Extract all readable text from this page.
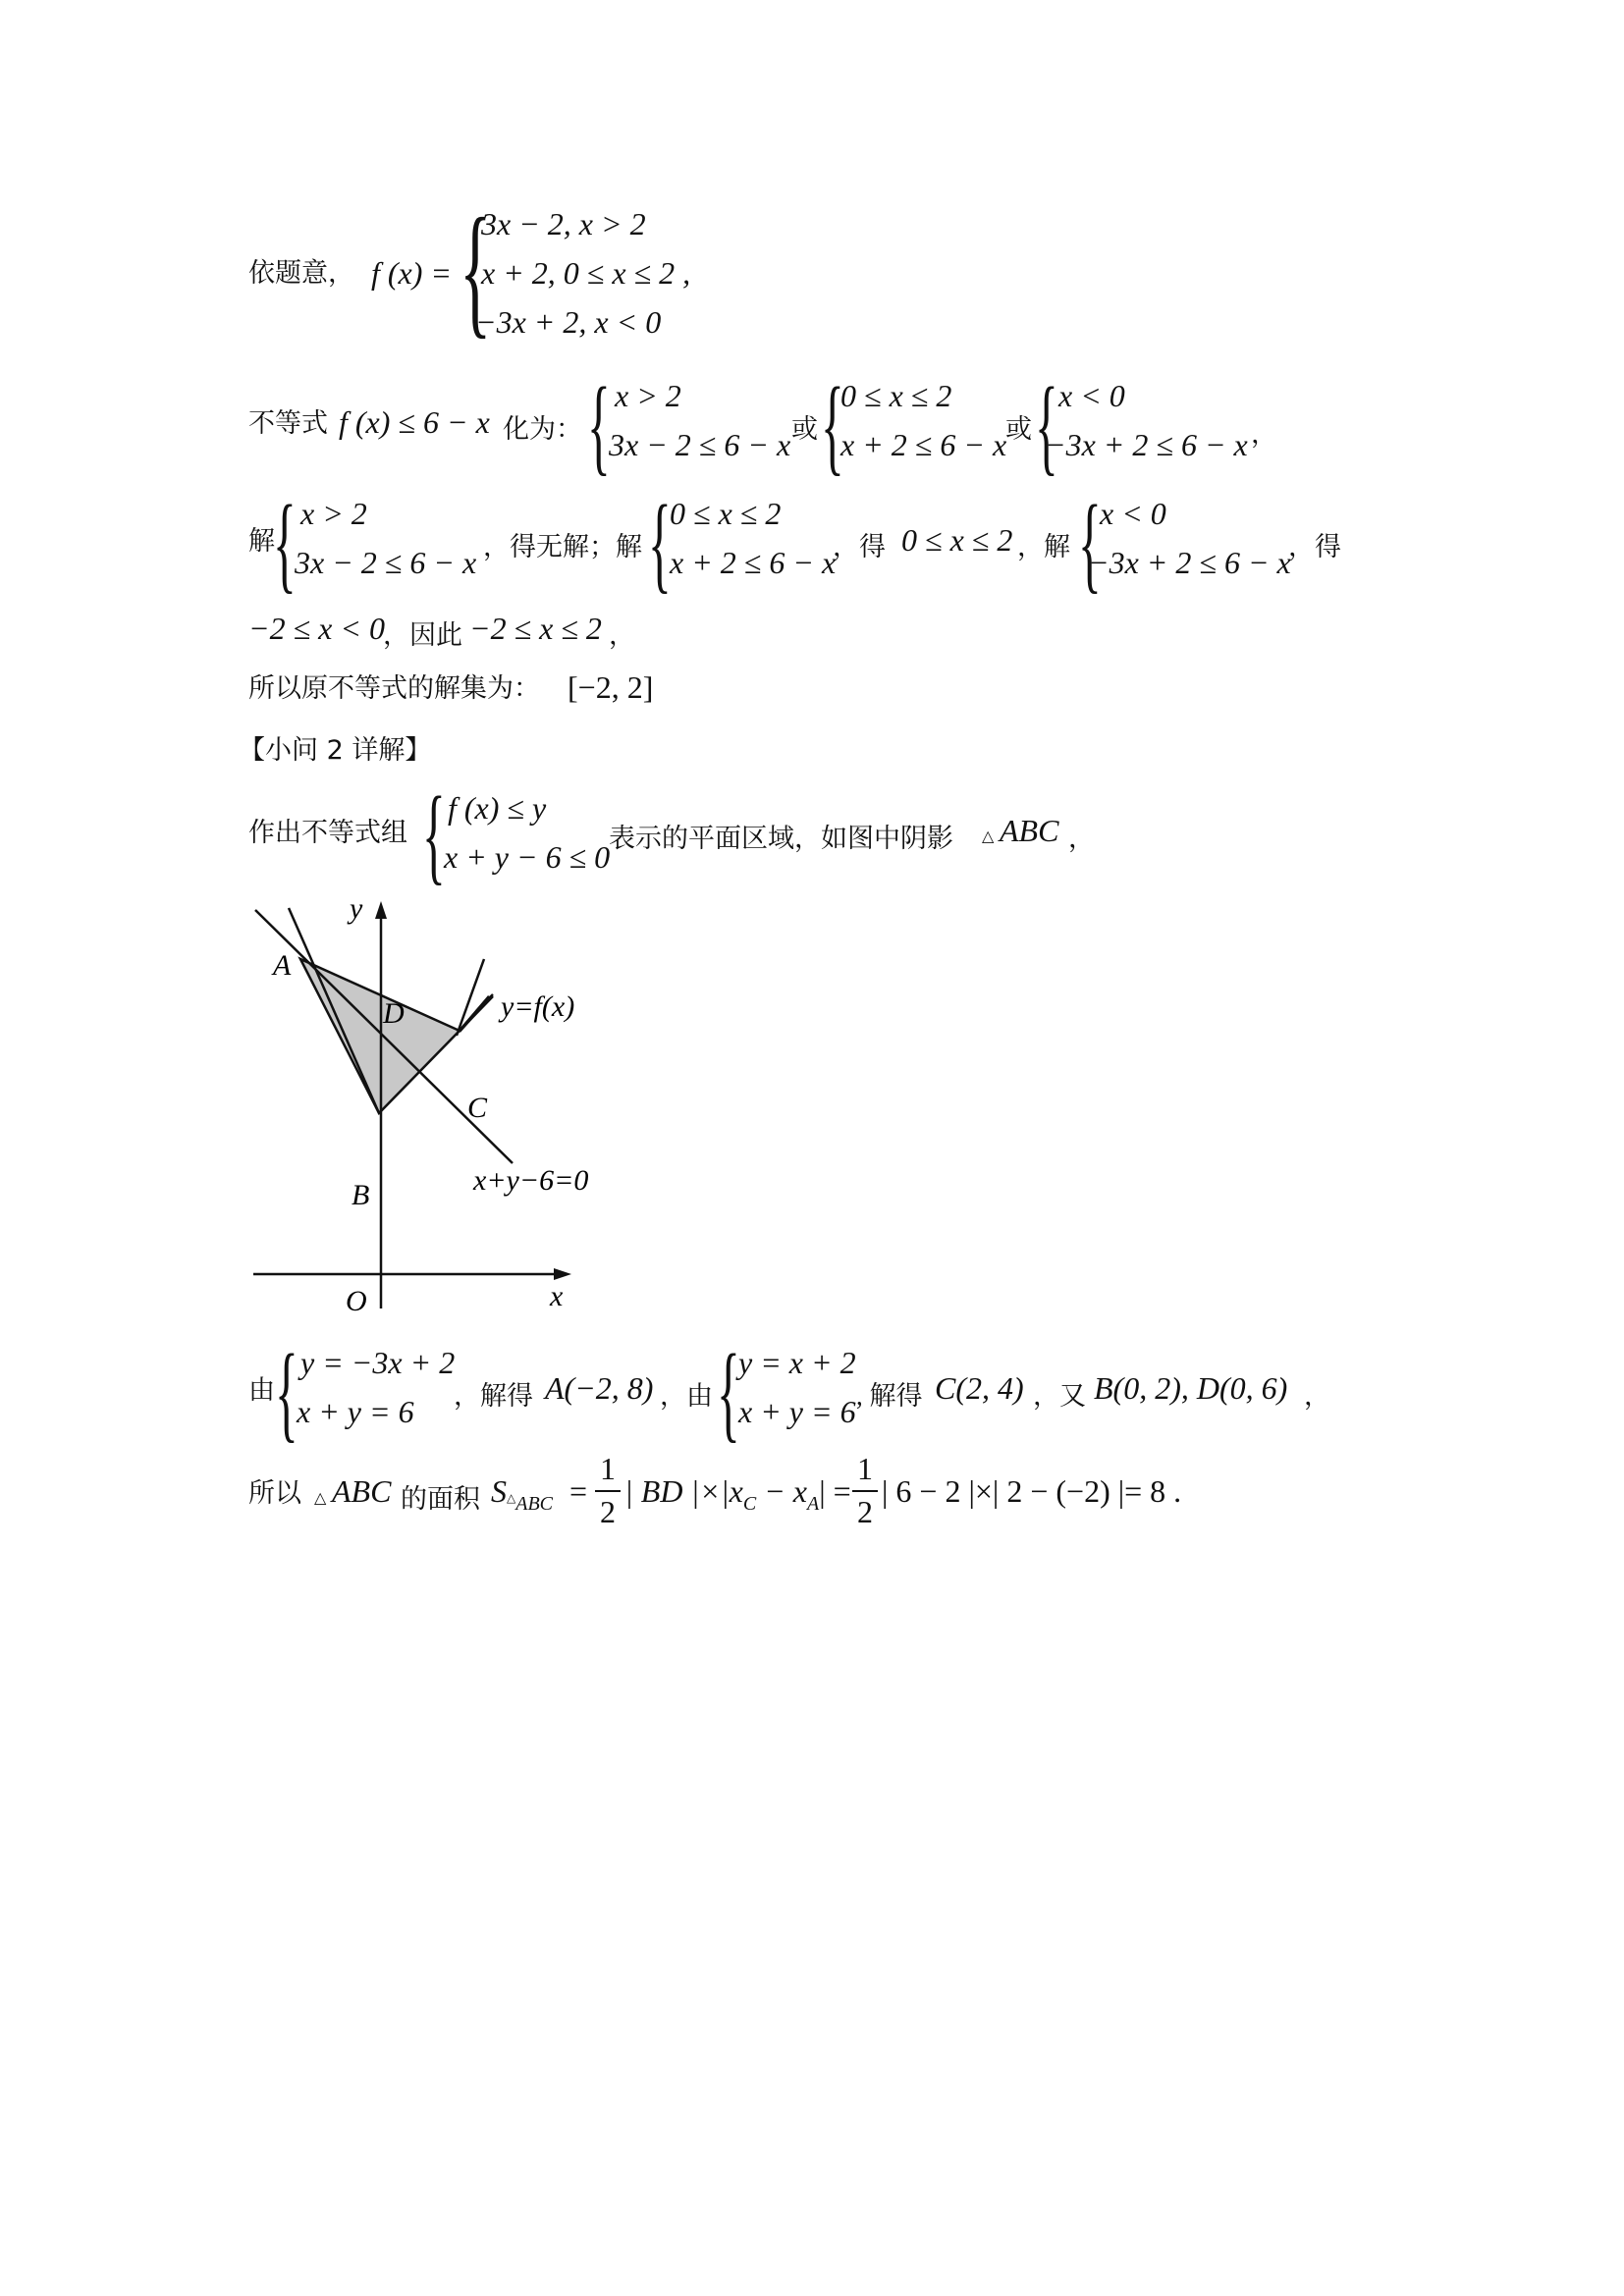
依题意， f (x) = {
3x − 2, x > 2
x + 2, 0 ≤ x ≤ 2 ,
−3x + 2, x < 0
不等式 f (x) ≤ 6 − x 化为： { x > 2
3x − 2 ≤ 6 − x 或 {
0 ≤ x ≤ 2
x + 2 ≤ 6 − x
或 { x < 0
−3x + 2 ≤ 6 − x ，
解
{ x > 2
3x − 2 ≤ 6 − x ，得无解；解 {
0 ≤ x ≤ 2
x + 2 ≤ 6 − x
，得 0 ≤ x ≤ 2 ，解 {
x < 0
−3x + 2 ≤ 6 − x
，得
−2 ≤ x < 0
，因此 −2 ≤ x ≤ 2 ，
所以原不等式的解集为： [−2, 2]
【小问 2 详解】
作出不等式组 { f (x) ≤ y
x + y − 6 ≤ 0
表示的平面区域，如图中阴影 △ ABC ，
y
x
O
A
B
C
D	y=f(x)
x+y−6=0
由 { y = −3x + 2
x + y = 6 ，解得 A(−2, 8) ，由 {
y = x + 2
x + y = 6 , 解得 C(2, 4) ，又 B(0, 2), D(0, 6) ，
所以 △ ABC 的面积 $S\triangle_{ABC}$ =
1
2
| BD $|\times|x_C - x_A|$ =
1
2
| 6 − 2 |×| 2 − (−2) |= 8 .
